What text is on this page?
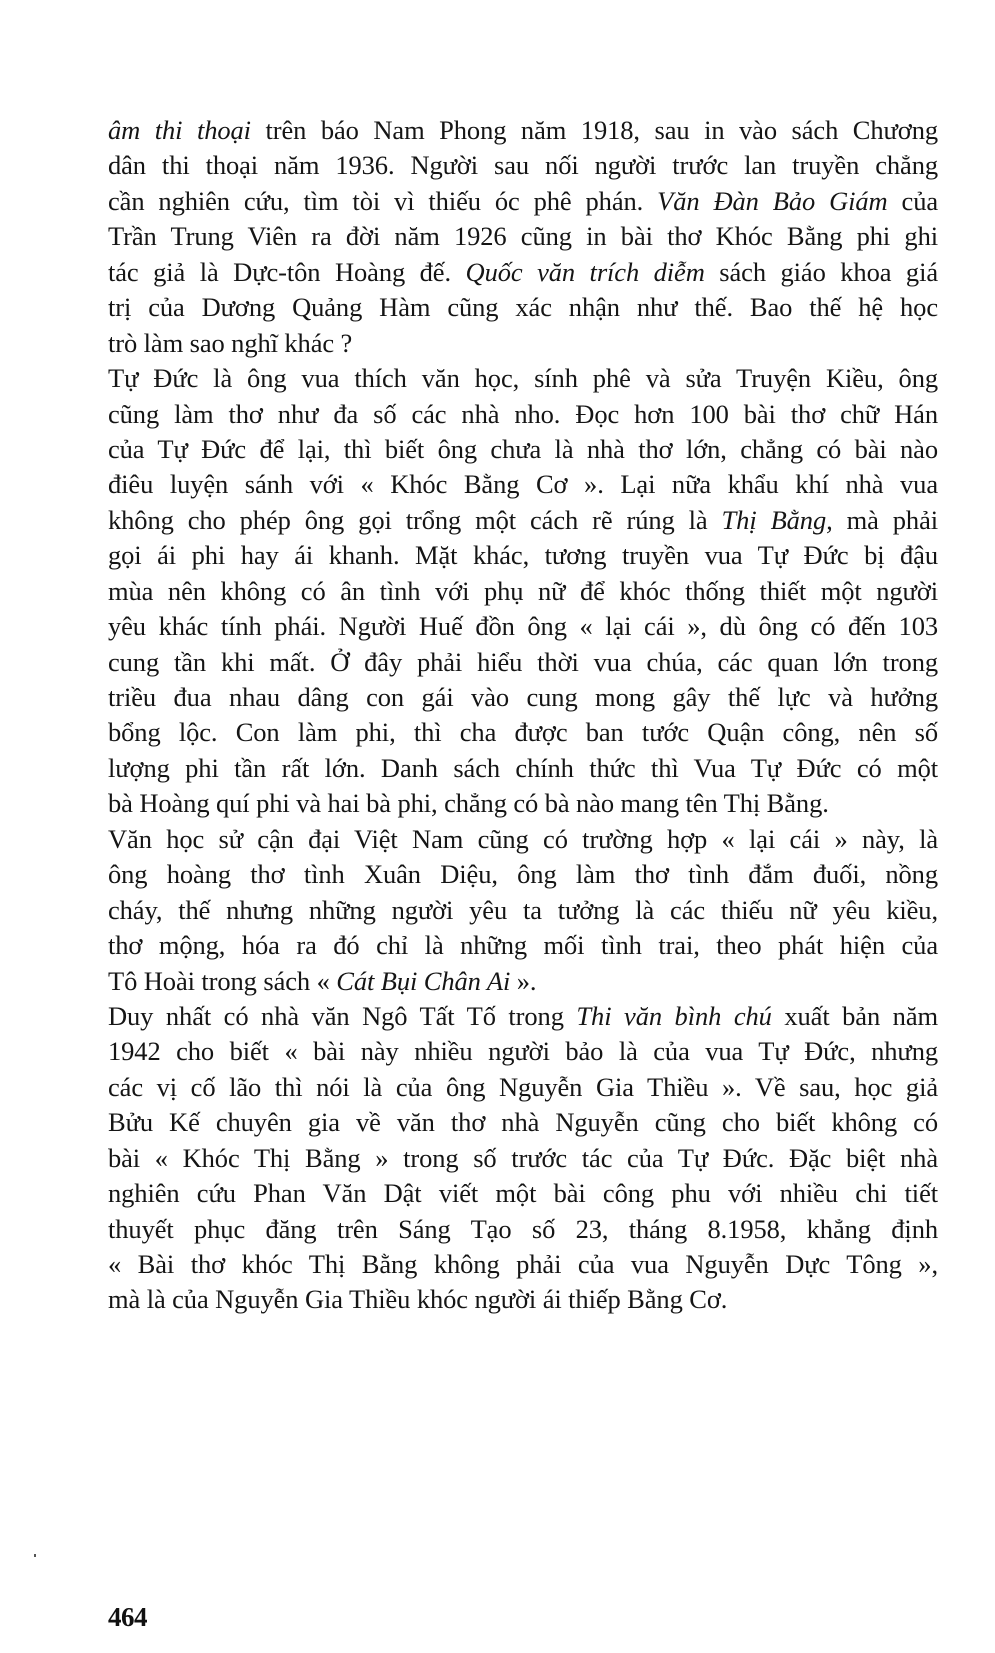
âm thi thoại trên báo Nam Phong năm 1918, sau in vào sách Chương
dân thi thoại năm 1936. Người sau nối người trước lan truyền chẳng
cần nghiên cứu, tìm tòi vì thiếu óc phê phán. Văn Đàn Bảo Giám của
Trần Trung Viên ra đời năm 1926 cũng in bài thơ Khóc Bằng phi ghi
tác giả là Dực-tôn Hoàng đế. Quốc văn trích diễm sách giáo khoa giá
trị của Dương Quảng Hàm cũng xác nhận như thế. Bao thế hệ học
trò làm sao nghĩ khác ?
Tự Đức là ông vua thích văn học, sính phê và sửa Truyện Kiều, ông
cũng làm thơ như đa số các nhà nho. Đọc hơn 100 bài thơ chữ Hán
của Tự Đức để lại, thì biết ông chưa là nhà thơ lớn, chẳng có bài nào
điêu luyện sánh với « Khóc Bằng Cơ ». Lại nữa khẩu khí nhà vua
không cho phép ông gọi trổng một cách rẽ rúng là Thị Bằng, mà phải
gọi ái phi hay ái khanh. Mặt khác, tương truyền vua Tự Đức bị đậu
mùa nên không có ân tình với phụ nữ để khóc thống thiết một người
yêu khác tính phái. Người Huế đồn ông « lại cái », dù ông có đến 103
cung tần khi mất. Ở đây phải hiểu thời vua chúa, các quan lớn trong
triều đua nhau dâng con gái vào cung mong gây thế lực và hưởng
bổng lộc. Con làm phi, thì cha được ban tước Quận công, nên số
lượng phi tần rất lớn. Danh sách chính thức thì Vua Tự Đức có một
bà Hoàng quí phi và hai bà phi, chẳng có bà nào mang tên Thị Bằng.
Văn học sử cận đại Việt Nam cũng có trường hợp « lại cái » này, là
ông hoàng thơ tình Xuân Diệu, ông làm thơ tình đắm đuối, nồng
cháy, thế nhưng những người yêu ta tưởng là các thiếu nữ yêu kiều,
thơ mộng, hóa ra đó chỉ là những mối tình trai, theo phát hiện của
Tô Hoài trong sách « Cát Bụi Chân Ai ».
Duy nhất có nhà văn Ngô Tất Tố trong Thi văn bình chú xuất bản năm
1942 cho biết « bài này nhiều người bảo là của vua Tự Đức, nhưng
các vị cố lão thì nói là của ông Nguyễn Gia Thiều ». Về sau, học giả
Bửu Kế chuyên gia về văn thơ nhà Nguyễn cũng cho biết không có
bài « Khóc Thị Bằng » trong số trước tác của Tự Đức. Đặc biệt nhà
nghiên cứu Phan Văn Dật viết một bài công phu với nhiều chi tiết
thuyết phục đăng trên Sáng Tạo số 23, tháng 8.1958, khẳng định
« Bài thơ khóc Thị Bằng không phải của vua Nguyễn Dực Tông »,
mà là của Nguyễn Gia Thiều khóc người ái thiếp Bằng Cơ.
464
